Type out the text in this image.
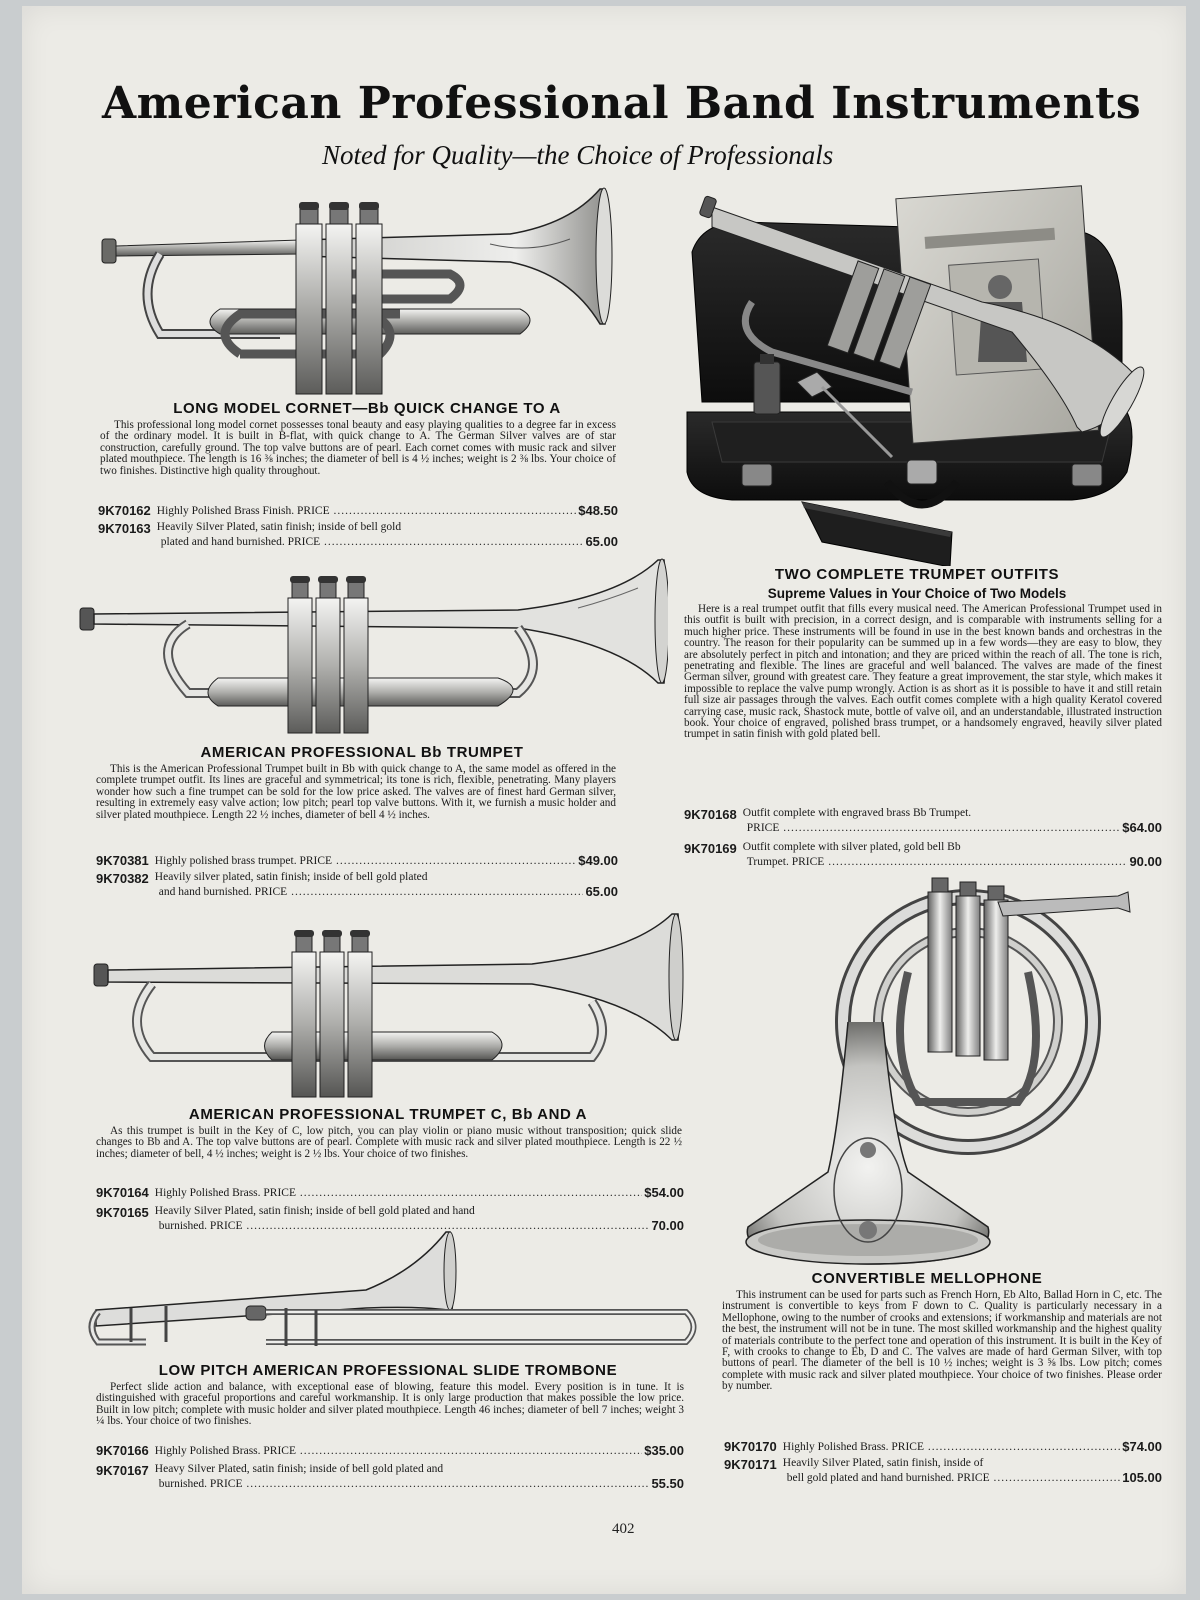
American Professional Band Instruments
Noted for Quality—the Choice of Professionals
LONG MODEL CORNET—Bb QUICK CHANGE TO A
This professional long model cornet possesses tonal beauty and easy playing qualities to a degree far in excess of the ordinary model. It is built in B-flat, with quick change to A. The German Silver valves are of star construction, carefully ground. The top valve buttons are of pearl. Each cornet comes with music rack and silver plated mouthpiece. The length is 16 ⅜ inches; the diameter of bell is 4 ½ inches; weight is 2 ⅜ lbs. Your choice of two finishes. Distinctive high quality throughout.
9K70162 Highly Polished Brass Finish. PRICE .....	$48.50
9K70163 Heavily Silver Plated, satin finish; inside of bell gold
plated and hand burnished. PRICE .....	65.00
AMERICAN PROFESSIONAL Bb TRUMPET
This is the American Professional Trumpet built in Bb with quick change to A, the same model as offered in the complete trumpet outfit. Its lines are graceful and symmetrical; its tone is rich, flexible, penetrating. Many players wonder how such a fine trumpet can be sold for the low price asked. The valves are of finest hard German silver, resulting in extremely easy valve action; low pitch; pearl top valve buttons. With it, we furnish a music holder and silver plated mouthpiece. Length 22 ½ inches, diameter of bell 4 ½ inches.
9K70381 Highly polished brass trumpet. PRICE .....	$49.00
9K70382 Heavily silver plated, satin finish; inside of bell gold plated
and hand burnished. PRICE .....	65.00
AMERICAN PROFESSIONAL TRUMPET C, Bb AND A
As this trumpet is built in the Key of C, low pitch, you can play violin or piano music without transposition; quick slide changes to Bb and A. The top valve buttons are of pearl. Complete with music rack and silver plated mouthpiece. Length is 22 ½ inches; diameter of bell, 4 ½ inches; weight is 2 ½ lbs. Your choice of two finishes.
9K70164 Highly Polished Brass. PRICE .....	$54.00
9K70165 Heavily Silver Plated, satin finish; inside of bell gold plated and hand
burnished. PRICE .....	70.00
LOW PITCH AMERICAN PROFESSIONAL SLIDE TROMBONE
Perfect slide action and balance, with exceptional ease of blowing, feature this model. Every position is in tune. It is distinguished with graceful proportions and careful workmanship. It is only large production that makes possible the low price. Built in low pitch; complete with music holder and silver plated mouthpiece. Length 46 inches; diameter of bell 7 inches; weight 3 ¼ lbs. Your choice of two finishes.
9K70166 Highly Polished Brass. PRICE .....	$35.00
9K70167 Heavy Silver Plated, satin finish; inside of bell gold plated and
burnished. PRICE .....	55.50
TWO COMPLETE TRUMPET OUTFITS
Supreme Values in Your Choice of Two Models
Here is a real trumpet outfit that fills every musical need. The American Professional Trumpet used in this outfit is built with precision, in a correct design, and is comparable with instruments selling for a much higher price. These instruments will be found in use in the best known bands and orchestras in the country. The reason for their popularity can be summed up in a few words—they are easy to blow, they are absolutely perfect in pitch and intonation; and they are priced within the reach of all. The tone is rich, penetrating and flexible. The lines are graceful and well balanced. The valves are made of the finest German silver, ground with greatest care. They feature a great improvement, the star style, which makes it impossible to replace the valve pump wrongly. Action is as short as it is possible to have it and still retain full size air passages through the valves. Each outfit comes complete with a high quality Keratol covered carrying case, music rack, Shastock mute, bottle of valve oil, and an understandable, illustrated instruction book. Your choice of engraved, polished brass trumpet, or a handsomely engraved, heavily silver plated trumpet in satin finish with gold plated bell.
9K70168 Outfit complete with engraved brass Bb Trumpet.
PRICE .....	$64.00
9K70169 Outfit complete with silver plated, gold bell Bb
Trumpet. PRICE .....	90.00
CONVERTIBLE MELLOPHONE
This instrument can be used for parts such as French Horn, Eb Alto, Ballad Horn in C, etc. The instrument is convertible to keys from F down to C. Quality is particularly necessary in a Mellophone, owing to the number of crooks and extensions; if workmanship and materials are not the best, the instrument will not be in tune. The most skilled workmanship and the highest quality of materials contribute to the perfect tone and operation of this instrument. It is built in the Key of F, with crooks to change to Eb, D and C. The valves are made of hard German Silver, with top buttons of pearl. The diameter of the bell is 10 ½ inches; weight is 3 ⅝ lbs. Low pitch; comes complete with music rack and silver plated mouthpiece. Your choice of two finishes. Please order by number.
9K70170 Highly Polished Brass. PRICE .....	$74.00
9K70171 Heavily Silver Plated, satin finish, inside of
bell gold plated and hand burnished. PRICE .....	105.00
402
